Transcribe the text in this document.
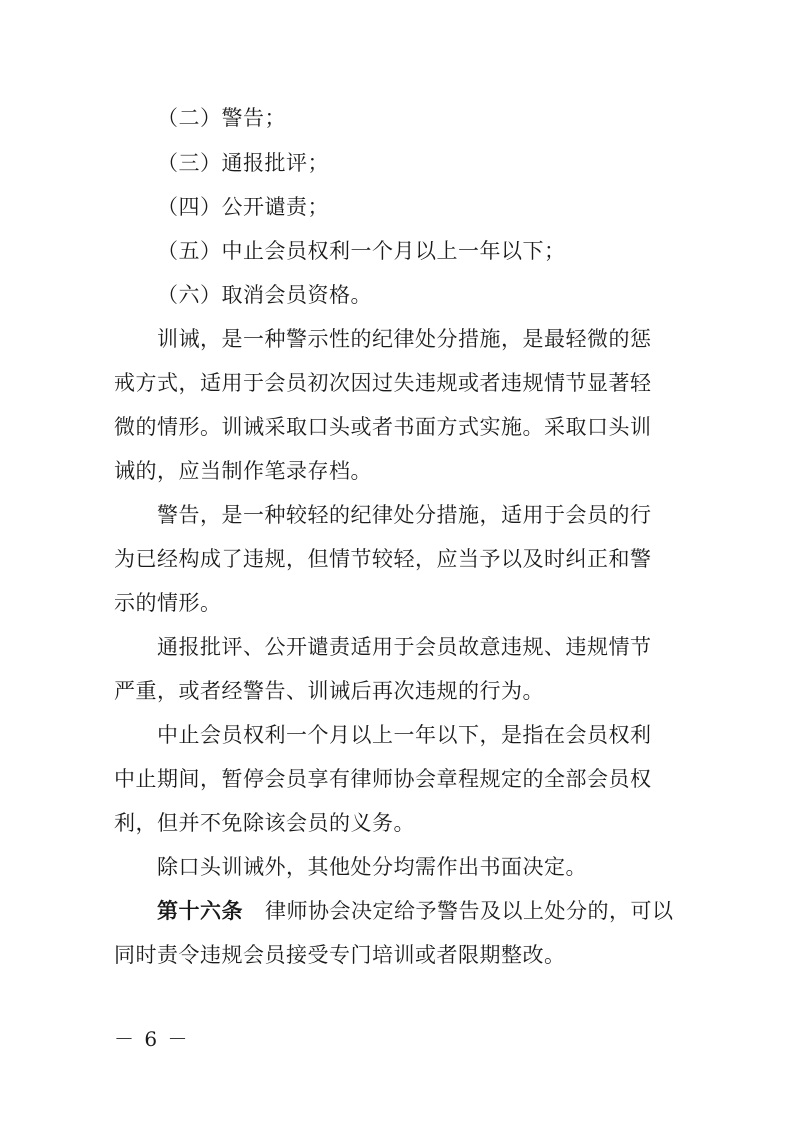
（二）警告；
（三）通报批评；
（四）公开谴责；
（五）中止会员权利一个月以上一年以下；
（六）取消会员资格。
训诫，是一种警示性的纪律处分措施，是最轻微的惩
戒方式，适用于会员初次因过失违规或者违规情节显著轻
微的情形。训诫采取口头或者书面方式实施。采取口头训
诫的，应当制作笔录存档。
警告，是一种较轻的纪律处分措施，适用于会员的行
为已经构成了违规，但情节较轻，应当予以及时纠正和警
示的情形。
通报批评、公开谴责适用于会员故意违规、违规情节
严重，或者经警告、训诫后再次违规的行为。
中止会员权利一个月以上一年以下，是指在会员权利
中止期间，暂停会员享有律师协会章程规定的全部会员权
利，但并不免除该会员的义务。
除口头训诫外，其他处分均需作出书面决定。
第十六条 律师协会决定给予警告及以上处分的，可以
同时责令违规会员接受专门培训或者限期整改。
－ 6 －
